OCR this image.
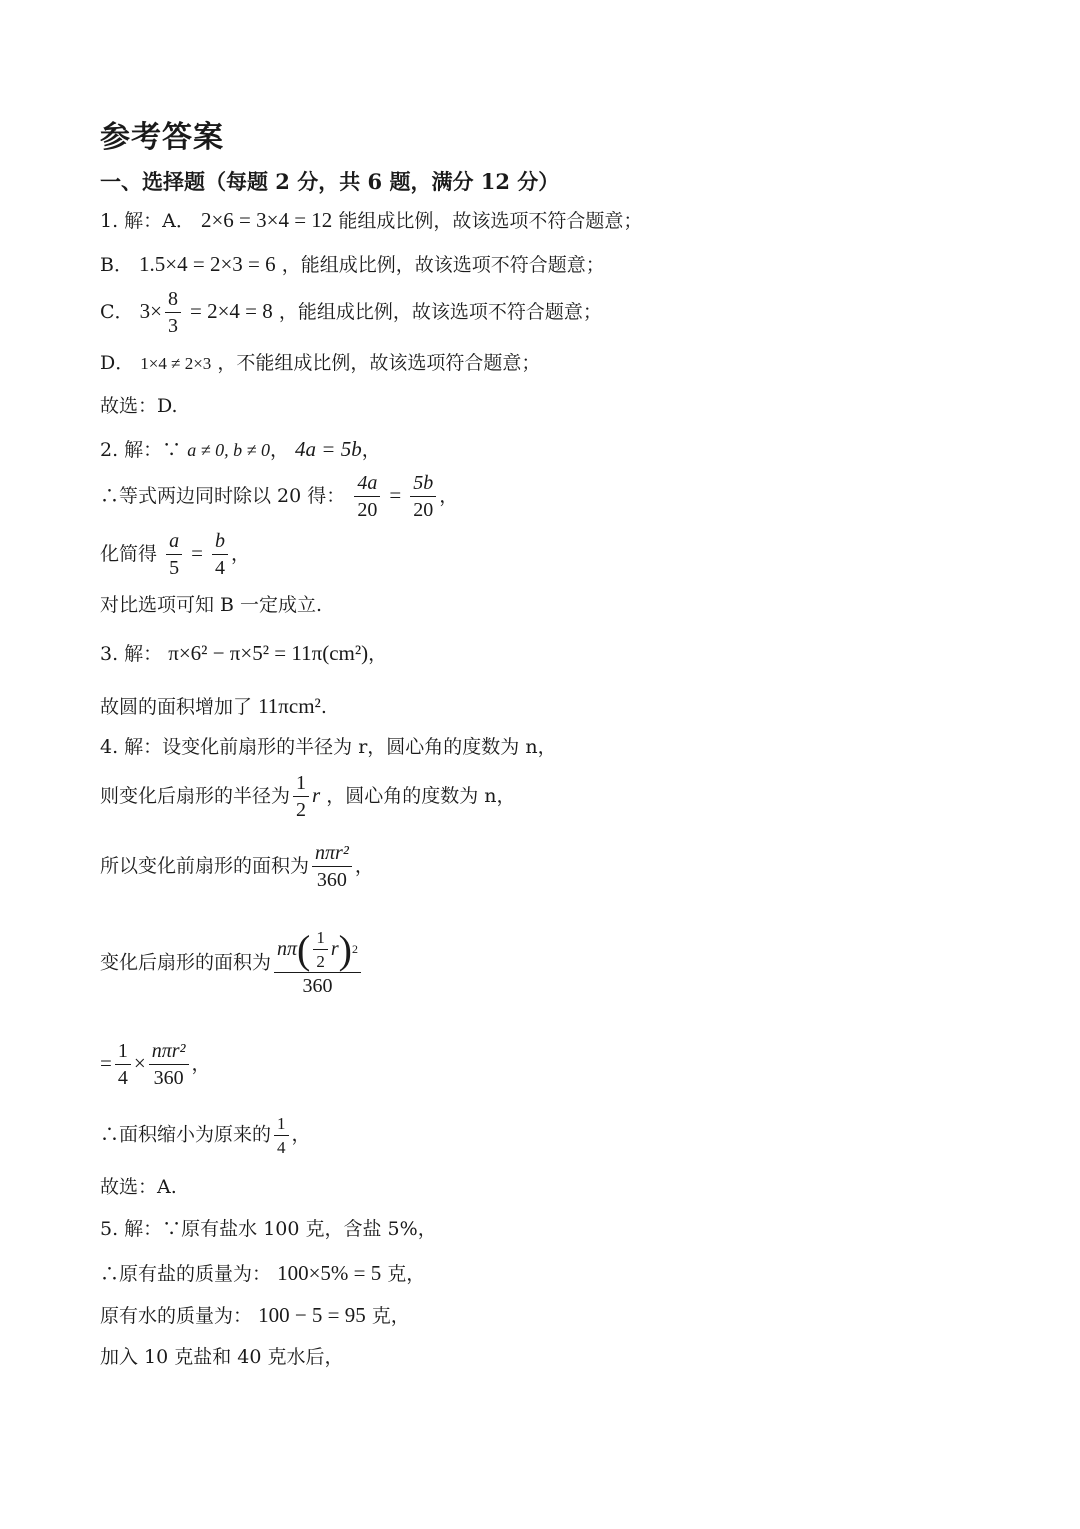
参考答案
一、选择题（每题 2 分，共 6 题，满分 12 分）
1. 解：A． 2×6 = 3×4 = 12 能组成比例，故该选项不符合题意；
B． 1.5×4 = 2×3 = 6 ，能组成比例，故该选项不符合题意；
C． $3\times \frac{8}{3} = 2\times 4 = 8$ ，能组成比例，故该选项不符合题意；
D． 1×4 ≠ 2×3 ，不能组成比例，故该选项符合题意；
故选：D.
2. 解：∵ a ≠ 0, b ≠ 0， 4a = 5b，
∴等式两边同时除以 20 得： $\frac{4a}{20} = \frac{5b}{20}$ ，
化简得 $\frac{a}{5} = \frac{b}{4}$ ，
对比选项可知 B 一定成立.
3. 解： π×6² − π×5² = 11π(cm²)，
故圆的面积增加了 11πcm².
4. 解：设变化前扇形的半径为 r，圆心角的度数为 n，
则变化后扇形的半径为 $\frac{1}{2}$ r ，圆心角的度数为 n，
所以变化前扇形的面积为 $\frac{\text{nπr²}}{360}$ ，
变化后扇形的面积为 $\frac{n\pi ( \frac{1}{2} r ) 2}{360}$
= $\frac{1}{4} \times \frac{\text{nπr²}}{360}$ ，
∴面积缩小为原来的 $\frac{1}{4}$ ，
故选：A.
5. 解：∵原有盐水 100 克，含盐 5%，
∴原有盐的质量为： 100×5% = 5 克，
原有水的质量为： 100 − 5 = 95 克，
加入 10 克盐和 40 克水后，
